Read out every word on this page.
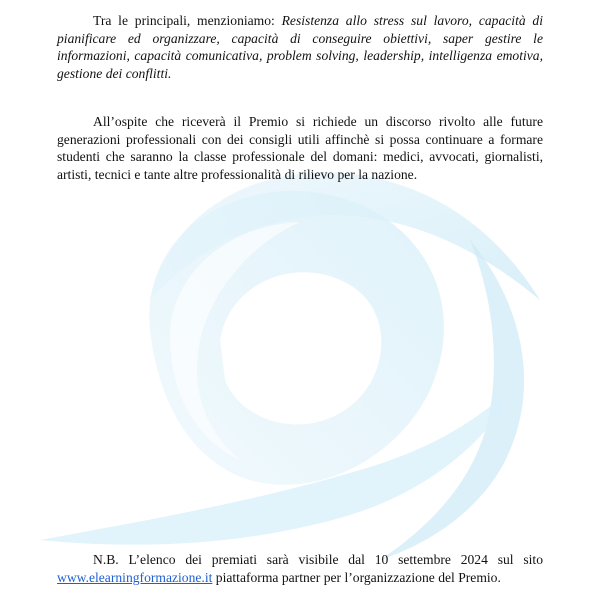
Tra le principali, menzioniamo: Resistenza allo stress sul lavoro, capacità di pianificare ed organizzare, capacità di conseguire obiettivi, saper gestire le informazioni, capacità comunicativa, problem solving, leadership, intelligenza emotiva, gestione dei conflitti.
All’ospite che riceverà il Premio si richiede un discorso rivolto alle future generazioni professionali con dei consigli utili affinchè si possa continuare a formare studenti che saranno la classe professionale del domani: medici, avvocati, giornalisti, artisti, tecnici e tante altre professionalità di rilievo per la nazione.
N.B. L’elenco dei premiati sarà visibile dal 10 settembre 2024 sul sito www.elearningformazione.it piattaforma partner per l’organizzazione del Premio.
